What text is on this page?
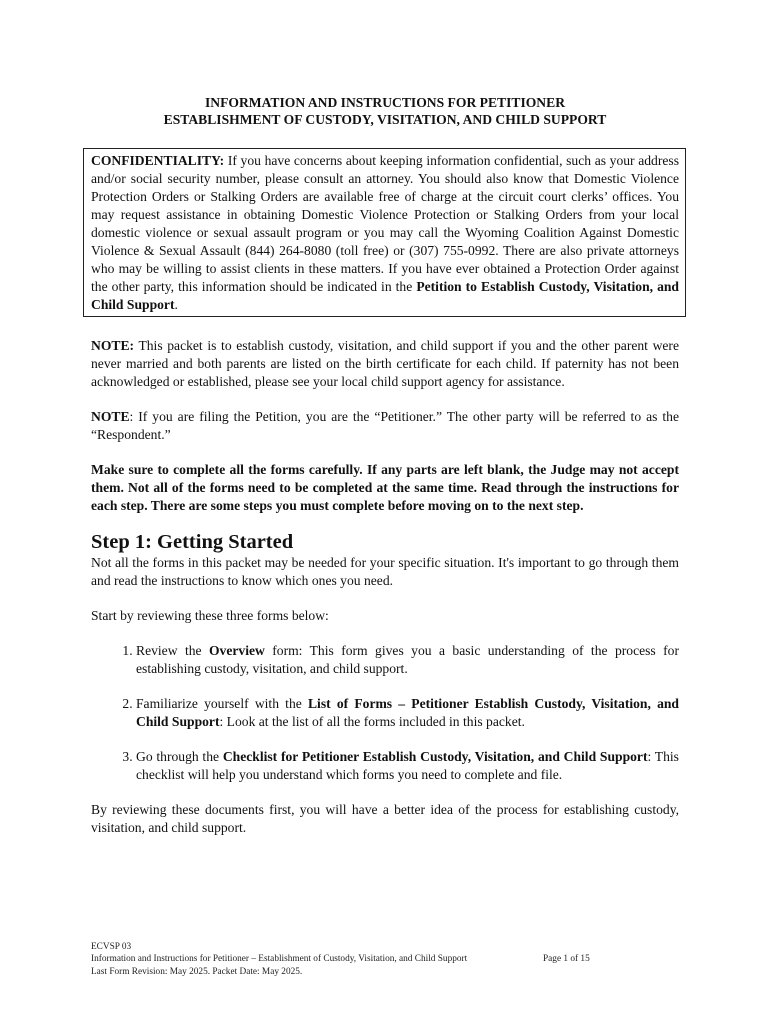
INFORMATION AND INSTRUCTIONS FOR PETITIONER
ESTABLISHMENT OF CUSTODY, VISITATION, AND CHILD SUPPORT

CONFIDENTIALITY: If you have concerns about keeping information confidential, such as your address and/or social security number, please consult an attorney. You should also know that Domestic Violence Protection Orders or Stalking Orders are available free of charge at the circuit court clerks’ offices. You may request assistance in obtaining Domestic Violence Protection or Stalking Orders from your local domestic violence or sexual assault program or you may call the Wyoming Coalition Against Domestic Violence & Sexual Assault (844) 264-8080 (toll free) or (307) 755-0992. There are also private attorneys who may be willing to assist clients in these matters. If you have ever obtained a Protection Order against the other party, this information should be indicated in the Petition to Establish Custody, Visitation, and Child Support.

NOTE: This packet is to establish custody, visitation, and child support if you and the other parent were never married and both parents are listed on the birth certificate for each child. If paternity has not been acknowledged or established, please see your local child support agency for assistance.

NOTE: If you are filing the Petition, you are the “Petitioner.” The other party will be referred to as the “Respondent.”

Make sure to complete all the forms carefully. If any parts are left blank, the Judge may not accept them. Not all of the forms need to be completed at the same time. Read through the instructions for each step. There are some steps you must complete before moving on to the next step.

Step 1: Getting Started

Not all the forms in this packet may be needed for your specific situation. It's important to go through them and read the instructions to know which ones you need.

Start by reviewing these three forms below:

1. Review the Overview form: This form gives you a basic understanding of the process for establishing custody, visitation, and child support.
2. Familiarize yourself with the List of Forms – Petitioner Establish Custody, Visitation, and Child Support: Look at the list of all the forms included in this packet.
3. Go through the Checklist for Petitioner Establish Custody, Visitation, and Child Support: This checklist will help you understand which forms you need to complete and file.

By reviewing these documents first, you will have a better idea of the process for establishing custody, visitation, and child support.

ECVSP 03
Information and Instructions for Petitioner – Establishment of Custody, Visitation, and Child Support	Page 1 of 15
Last Form Revision: May 2025. Packet Date: May 2025.
